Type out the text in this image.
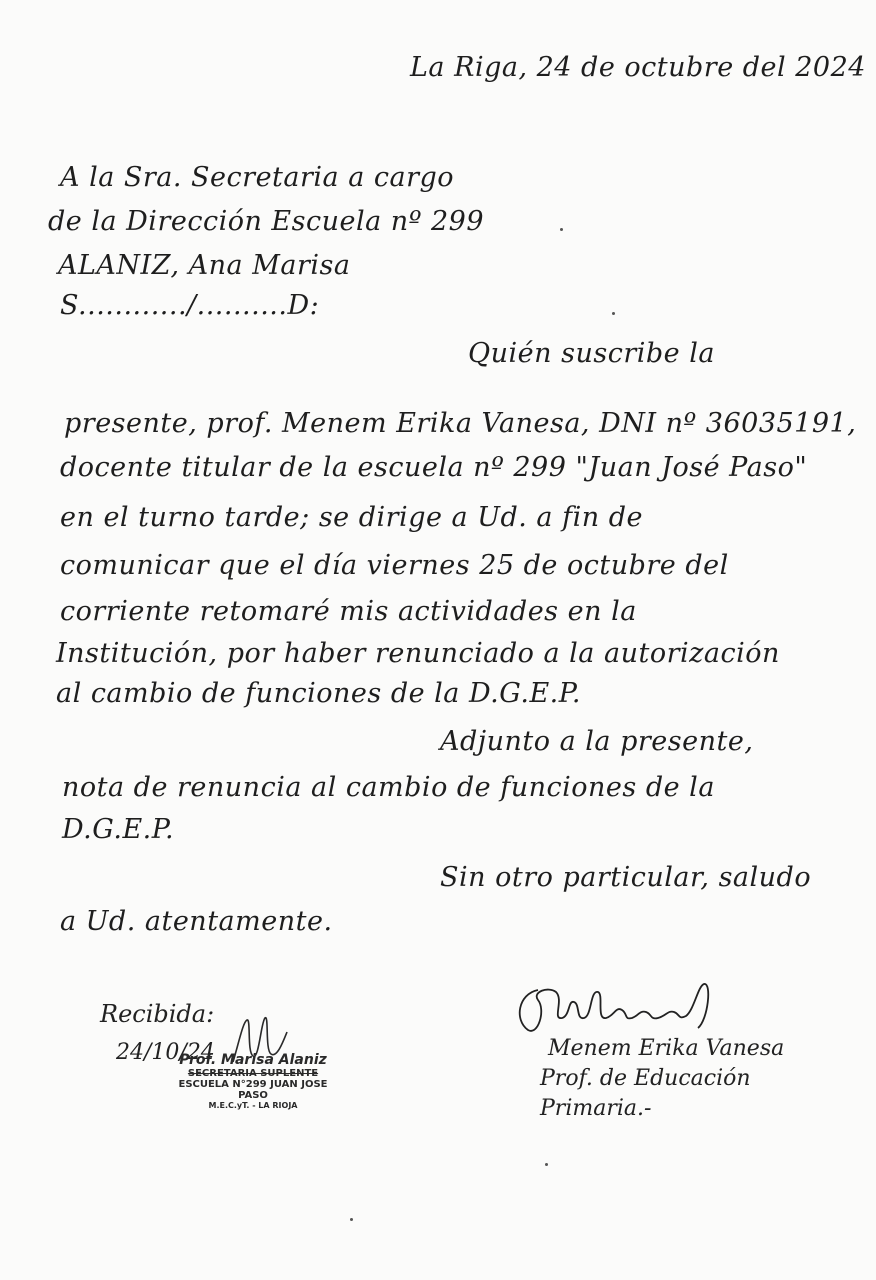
La Riga, 24 de octubre del 2024
A la Sra. Secretaria a cargo
de la Dirección Escuela nº 299
ALANIZ, Ana Marisa
S............/..........D:
Quién suscribe la
presente, prof. Menem Erika Vanesa, DNI nº 36035191,
docente titular de la escuela nº 299 "Juan José Paso"
en el turno tarde; se dirige a Ud. a fin de
comunicar que el día viernes 25 de octubre del
corriente retomaré mis actividades en la
Institución, por haber renunciado a la autorización
al cambio de funciones de la D.G.E.P.
Adjunto a la presente,
nota de renuncia al cambio de funciones de la
D.G.E.P.
Sin otro particular, saludo
a Ud. atentamente.
Recibida:
24/10/24
Prof. Marisa Alaniz
SECRETARIA SUPLENTE
ESCUELA N°299 JUAN JOSE PASO
M.E.C.yT. - LA RIOJA
Menem Erika Vanesa
Prof. de Educación
Primaria.-
